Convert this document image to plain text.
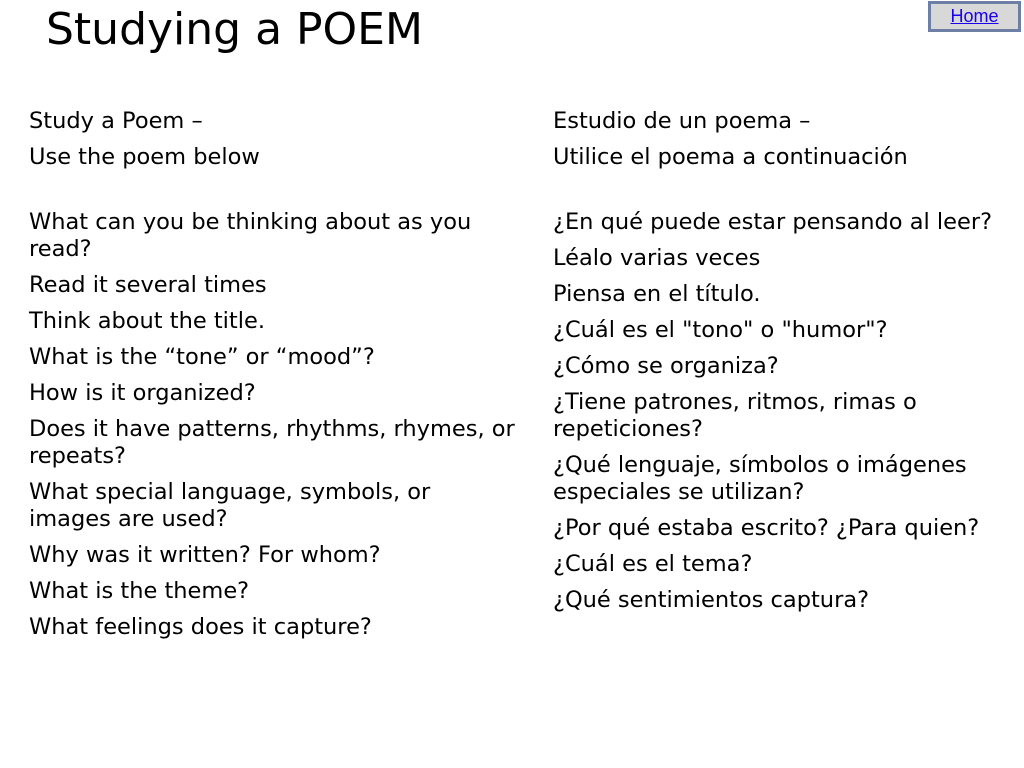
Studying a POEM	Home
Study a Poem –
Use the poem below
What can you be thinking about as you read?
Read it several times
Think about the title.
What is the “tone” or “mood”?
How is it organized?
Does it have patterns, rhythms, rhymes, or repeats?
What special language, symbols, or images are used?
Why was it written? For whom?
What is the theme?
What feelings does it capture?
Estudio de un poema –
Utilice el poema a continuación
¿En qué puede estar pensando al leer?
Léalo varias veces
Piensa en el título.
¿Cuál es el "tono" o "humor"?
¿Cómo se organiza?
¿Tiene patrones, ritmos, rimas o repeticiones?
¿Qué lenguaje, símbolos o imágenes especiales se utilizan?
¿Por qué estaba escrito? ¿Para quien?
¿Cuál es el tema?
¿Qué sentimientos captura?
